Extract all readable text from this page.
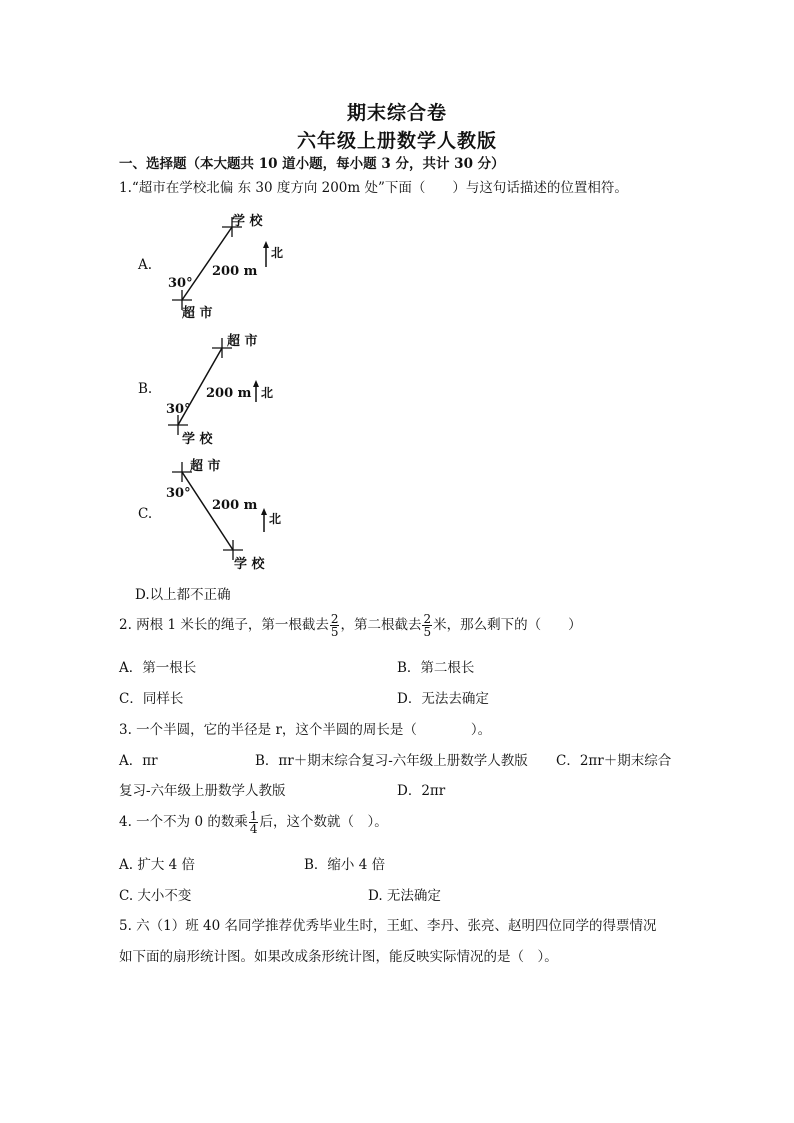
期末综合卷
六年级上册数学人教版
一、选择题（本大题共 10 道小题，每小题 3 分，共计 30 分）
1.“超市在学校北偏 东 30 度方向 200m 处”下面（　　）与这句话描述的位置相符。
A.
学 校
超 市
30°
200 m
北
B.
超 市
学 校
30°
200 m 北
C.
超 市
学 校
30°
200 m
北
D.以上都不正确
2. 两根 1 米长的绳子，第一根截去 $\frac{2}{5}$ ，第二根截去 $\frac{2}{5}$ 米，那么剩下的（　　）
A．第一根长	B．第二根长
C．同样长	D．无法去确定
3. 一个半圆，它的半径是 r，这个半圆的周长是（　　　　）。
A．πr	B．πr＋期末综合复习-六年级上册数学人教版 C．2πr＋期末综合
复习-六年级上册数学人教版	D．2πr
4. 一个不为 0 的数乘 $\frac{1}{4}$ 后，这个数就（　）。
A. 扩大 4 倍	B．缩小 4 倍
C. 大小不变	D. 无法确定
5. 六（1）班 40 名同学推荐优秀毕业生时，王虹、李丹、张亮、赵明四位同学的得票情况
如下面的扇形统计图。如果改成条形统计图，能反映实际情况的是（　）。
